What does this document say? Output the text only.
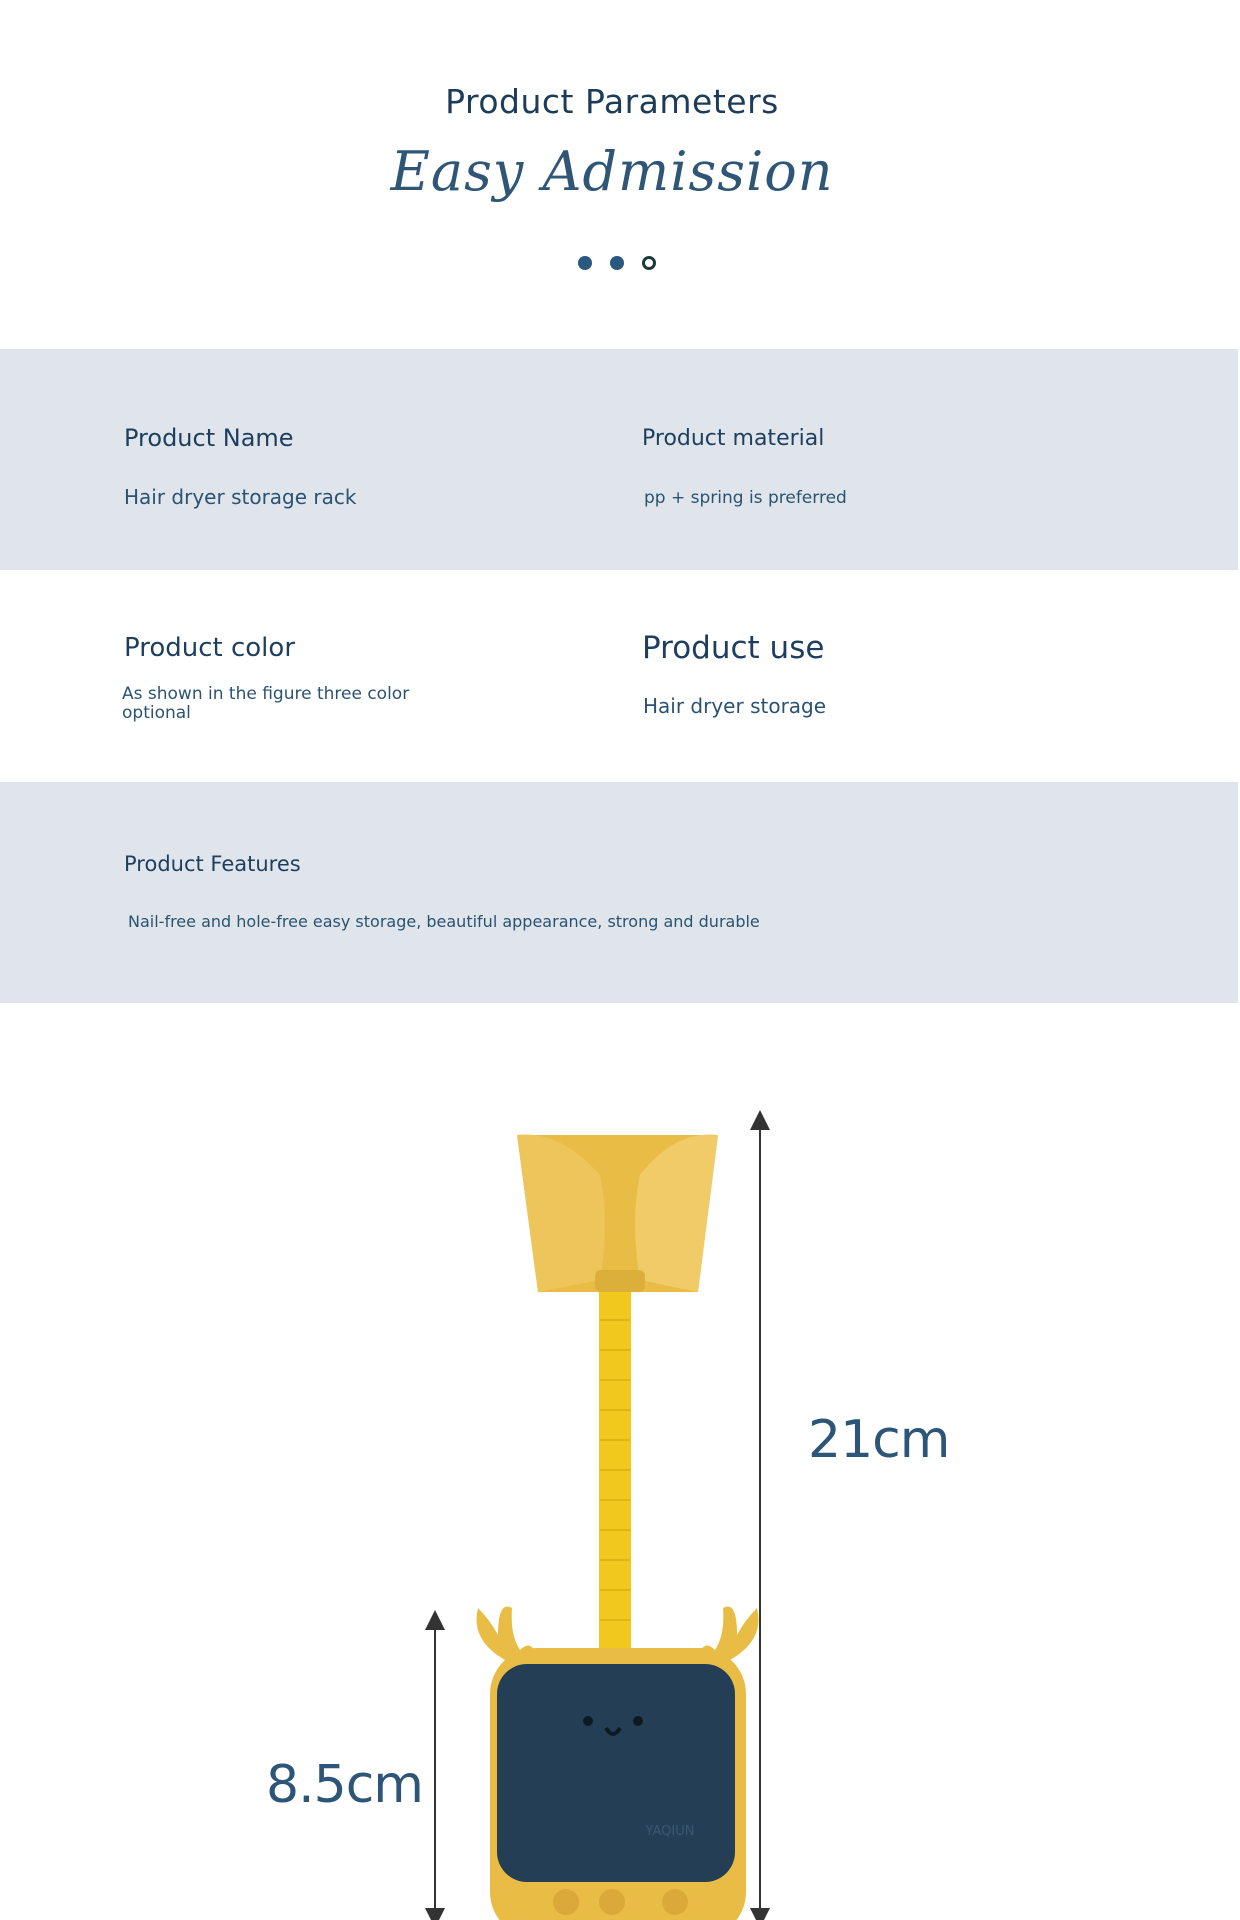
Product Parameters
Easy Admission
Product Name
Hair dryer storage rack
Product material
pp + spring is preferred
Product color
As shown in the figure three color optional
Product use
Hair dryer storage
Product Features
Nail-free and hole-free easy storage, beautiful appearance, strong and durable
YAQIUN
21cm
8.5cm
